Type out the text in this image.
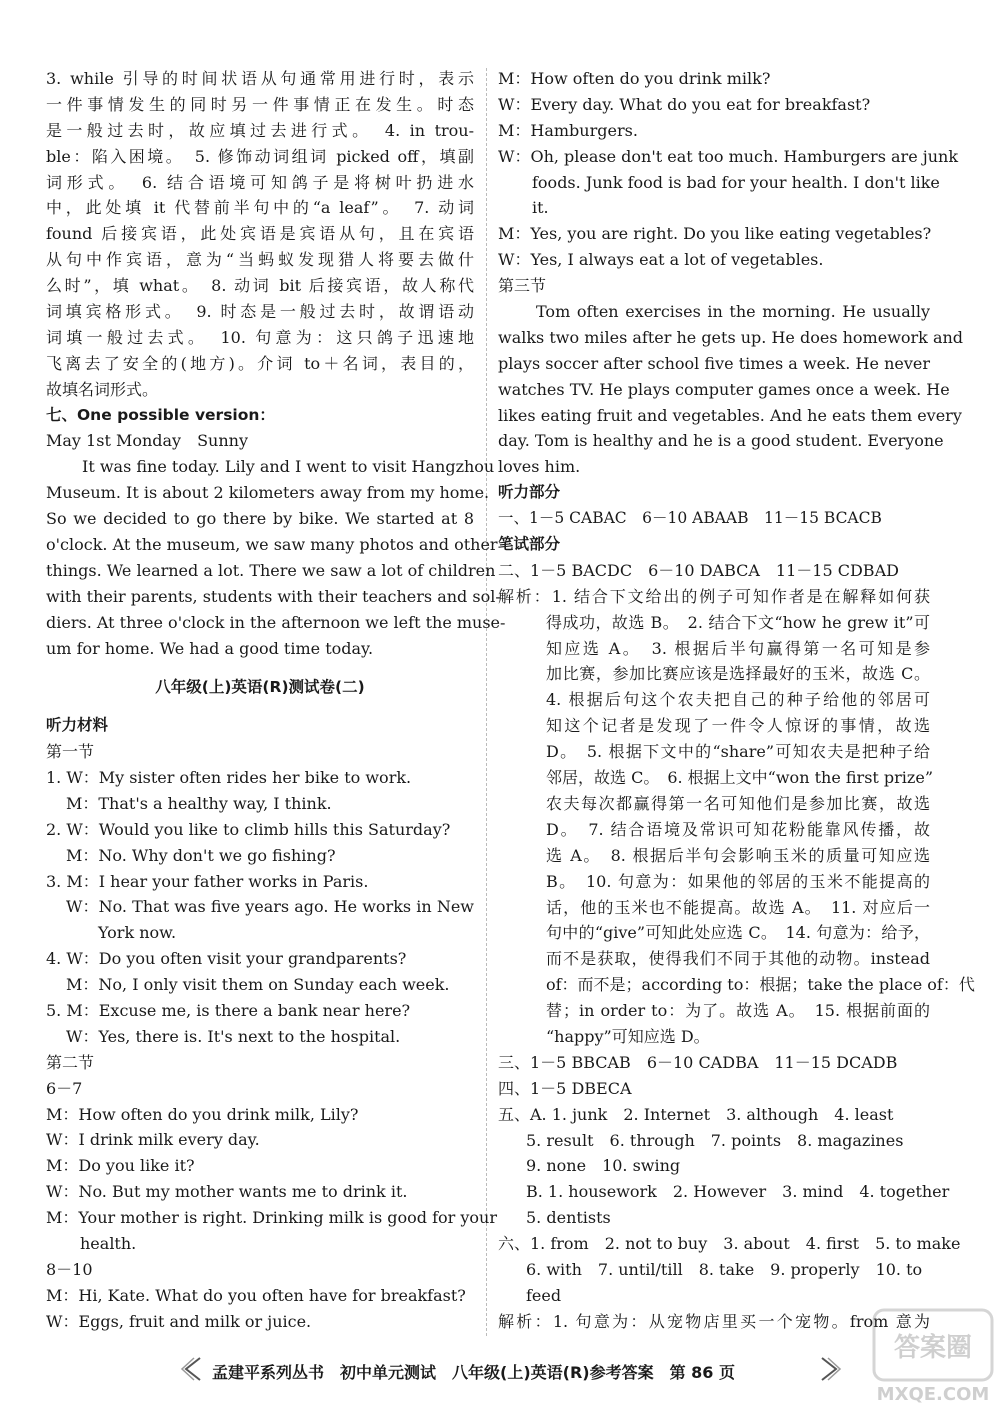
3. while 引导的时间状语从句通常用进行时，表示
一件事情发生的同时另一件事情正在发生。时态
是一般过去时，故应填过去进行式。　4. in trou-
ble：陷入困境。　5. 修饰动词组词 picked off，填副
词形式。　6. 结合语境可知鸽子是将树叶扔进水
中，此处填 it 代替前半句中的“a leaf”。　7. 动词
found 后接宾语，此处宾语是宾语从句，且在宾语
从句中作宾语，意为“当蚂蚁发现猎人将要去做什
么时”，填 what。　8. 动词 bit 后接宾语，故人称代
词填宾格形式。　9. 时态是一般过去时，故谓语动
词填一般过去式。　10. 句意为：这只鸽子迅速地
飞离去了安全的(地方)。介词 to＋名词，表目的，
故填名词形式。
七、One possible version：
May 1st Monday　Sunny
It was fine today. Lily and I went to visit Hangzhou
Museum. It is about 2 kilometers away from my home.
So we decided to go there by bike. We started at 8
o'clock. At the museum, we saw many photos and other
things. We learned a lot. There we saw a lot of children
with their parents, students with their teachers and sol-
diers. At three o'clock in the afternoon we left the muse-
um for home. We had a good time today.
八年级(上)英语(R)测试卷(二)
听力材料
第一节
1. W：My sister often rides her bike to work.
M：That's a healthy way, I think.
2. W：Would you like to climb hills this Saturday?
M：No. Why don't we go fishing?
3. M：I hear your father works in Paris.
W：No. That was five years ago. He works in New
York now.
4. W：Do you often visit your grandparents?
M：No, I only visit them on Sunday each week.
5. M：Excuse me, is there a bank near here?
W：Yes, there is. It's next to the hospital.
第二节
6－7
M：How often do you drink milk, Lily?
W：I drink milk every day.
M：Do you like it?
W：No. But my mother wants me to drink it.
M：Your mother is right. Drinking milk is good for your
health.
8－10
M：Hi, Kate. What do you often have for breakfast?
W：Eggs, fruit and milk or juice.
M：How often do you drink milk?
W：Every day. What do you eat for breakfast?
M：Hamburgers.
W：Oh, please don't eat too much. Hamburgers are junk
foods. Junk food is bad for your health. I don't like
it.
M：Yes, you are right. Do you like eating vegetables?
W：Yes, I always eat a lot of vegetables.
第三节
Tom often exercises in the morning. He usually
walks two miles after he gets up. He does homework and
plays soccer after school five times a week. He never
watches TV. He plays computer games once a week. He
likes eating fruit and vegetables. And he eats them every
day. Tom is healthy and he is a good student. Everyone
loves him.
听力部分
一、1－5 CABAC　6－10 ABAAB　11－15 BCACB
笔试部分
二、1－5 BACDC　6－10 DABCA　11－15 CDBAD
解析：1. 结合下文给出的例子可知作者是在解释如何获
得成功，故选 B。　2. 结合下文“how he grew it”可
知应选 A。　3. 根据后半句赢得第一名可知是参
加比赛，参加比赛应该是选择最好的玉米，故选 C。
4. 根据后句这个农夫把自己的种子给他的邻居可
知这个记者是发现了一件令人惊讶的事情，故选
D。　5. 根据下文中的“share”可知农夫是把种子给
邻居，故选 C。　6. 根据上文中“won the first prize”
农夫每次都赢得第一名可知他们是参加比赛，故选
D。　7. 结合语境及常识可知花粉能靠风传播，故
选 A。　8. 根据后半句会影响玉米的质量可知应选
B。　10. 句意为：如果他的邻居的玉米不能提高的
话，他的玉米也不能提高。故选 A。　11. 对应后一
句中的“give”可知此处应选 C。　14. 句意为：给予，
而不是获取，使得我们不同于其他的动物。instead
of：而不是；according to：根据；take the place of：代
替；in order to：为了。故选 A。　15. 根据前面的
“happy”可知应选 D。
三、1－5 BBCAB　6－10 CADBA　11－15 DCADB
四、1－5 DBECA
五、A. 1. junk　2. Internet　3. although　4. least
5. result　6. through　7. points　8. magazines
9. none　10. swing
B. 1. housework　2. However　3. mind　4. together
5. dentists
六、1. from　2. not to buy　3. about　4. first　5. to make
6. with　7. until/till　8. take　9. properly　10. to
feed
解析：1. 句意为：从宠物店里买一个宠物。from 意为
孟建平系列丛书　初中单元测试　八年级(上)英语(R)参考答案　第 86 页
答案圈
MXQE.COM
